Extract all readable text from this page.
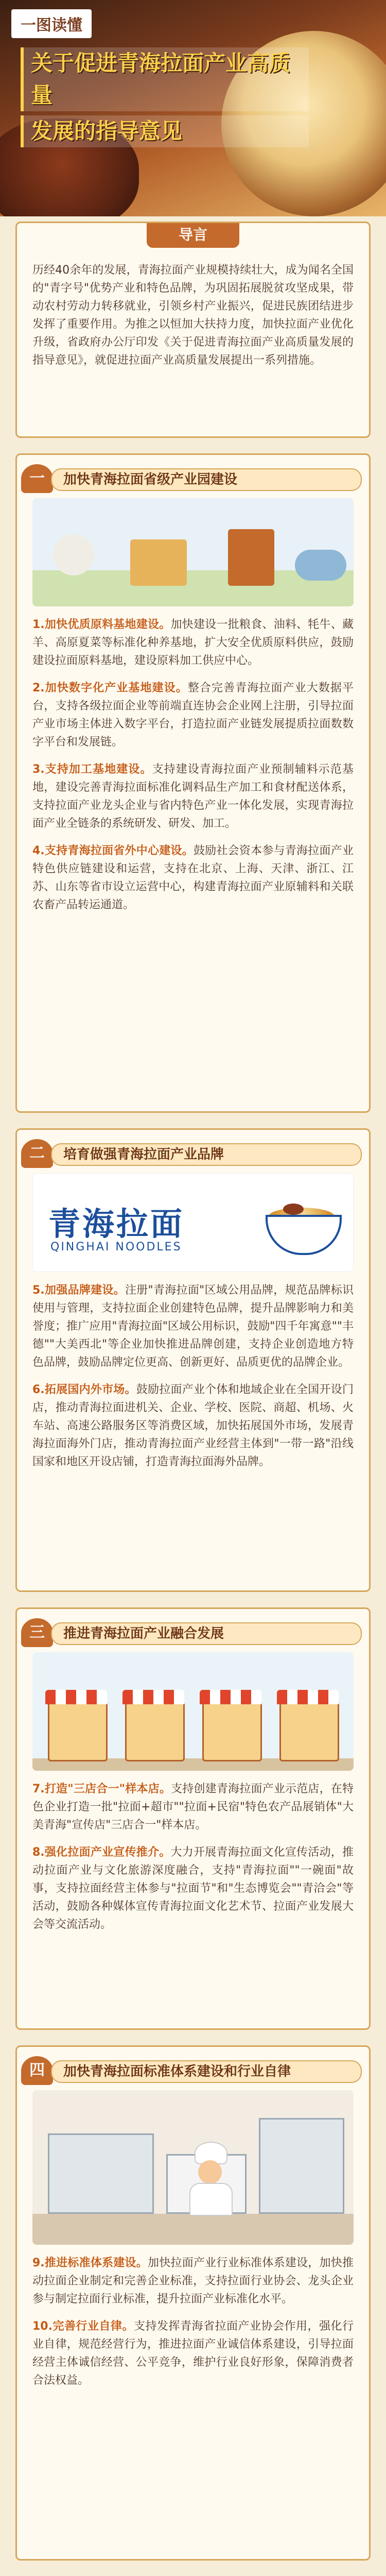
一图读懂
关于促进青海拉面产业高质量
发展的指导意见
导言
历经40余年的发展，青海拉面产业规模持续壮大，成为闻名全国的"青字号"优势产业和特色品牌，为巩固拓展脱贫攻坚成果，带动农村劳动力转移就业，引领乡村产业振兴，促进民族团结进步发挥了重要作用。为推之以恒加大扶持力度，加快拉面产业优化升级，省政府办公厅印发《关于促进青海拉面产业高质量发展的指导意见》，就促进拉面产业高质量发展提出一系列措施。
一	加快青海拉面省级产业园建设
1.加快优质原料基地建设。加快建设一批粮食、油料、牦牛、藏羊、高原夏菜等标准化种养基地，扩大安全优质原料供应，鼓励建设拉面原料基地，建设原料加工供应中心。
2.加快数字化产业基地建设。整合完善青海拉面产业大数据平台，支持各级拉面企业等前端直连协会企业网上注册，引导拉面产业市场主体进入数字平台，打造拉面产业链发展提质拉面数数字平台和发展链。
3.支持加工基地建设。支持建设青海拉面产业预制辅料示范基地，建设完善青海拉面标准化调料品生产加工和食材配送体系，支持拉面产业龙头企业与省内特色产业一体化发展，实现青海拉面产业全链条的系统研发、研发、加工。
4.支持青海拉面省外中心建设。鼓励社会资本参与青海拉面产业特色供应链建设和运营，支持在北京、上海、天津、浙江、江苏、山东等省市设立运营中心，构建青海拉面产业原辅料和关联农畜产品转运通道。
二	培育做强青海拉面产业品牌
青海拉面
QINGHAI NOODLES
5.加强品牌建设。注册"青海拉面"区域公用品牌，规范品牌标识使用与管理，支持拉面企业创建特色品牌，提升品牌影响力和美誉度；推广应用"青海拉面"区域公用标识，鼓励"四千年寓意""丰德""大美西北"等企业加快推进品牌创建，支持企业创造地方特色品牌，鼓励品牌定位更高、创新更好、品质更优的品牌企业。
6.拓展国内外市场。鼓励拉面产业个体和地域企业在全国开设门店，推动青海拉面进机关、企业、学校、医院、商超、机场、火车站、高速公路服务区等消费区域，加快拓展国外市场，发展青海拉面海外门店，推动青海拉面产业经营主体到"一带一路"沿线国家和地区开设店铺，打造青海拉面海外品牌。
三	推进青海拉面产业融合发展
7.打造"三店合一"样本店。支持创建青海拉面产业示范店，在特色企业打造一批"拉面+超市""拉面+民宿"特色农产品展销体"大美青海"宣传店"三店合一"样本店。
8.强化拉面产业宣传推介。大力开展青海拉面文化宣传活动，推动拉面产业与文化旅游深度融合，支持"青海拉面""一碗面"故事，支持拉面经营主体参与"拉面节"和"生态博览会""青洽会"等活动，鼓励各种媒体宣传青海拉面文化艺术节、拉面产业发展大会等交流活动。
四	加快青海拉面标准体系建设和行业自律
9.推进标准体系建设。加快拉面产业行业标准体系建设，加快推动拉面企业制定和完善企业标准，支持拉面行业协会、龙头企业参与制定拉面行业标准，提升拉面产业标准化水平。
10.完善行业自律。支持发挥青海省拉面产业协会作用，强化行业自律，规范经营行为，推进拉面产业诚信体系建设，引导拉面经营主体诚信经营、公平竞争，维护行业良好形象，保障消费者合法权益。
